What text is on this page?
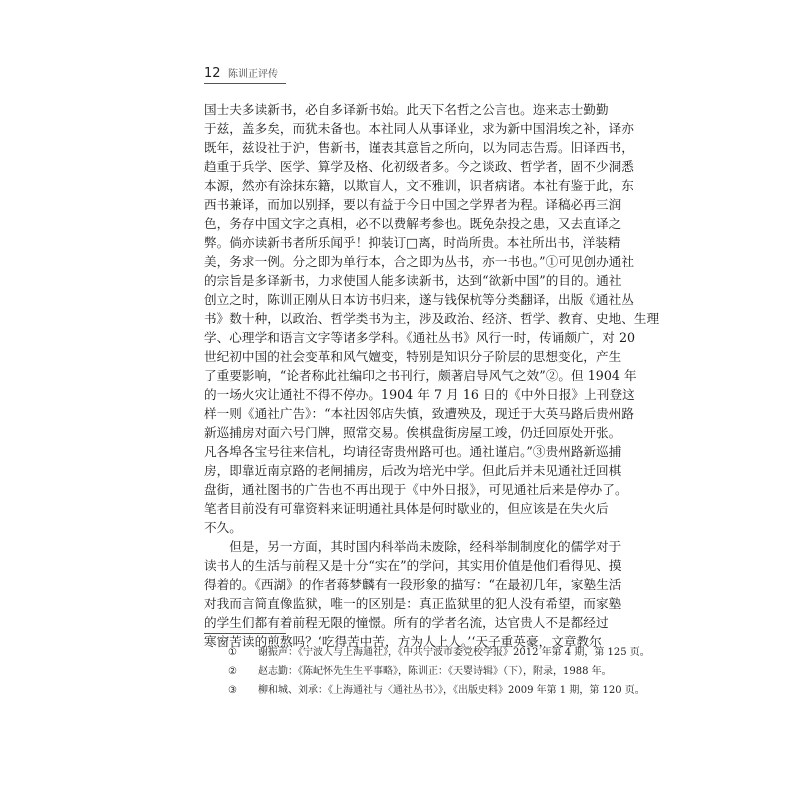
12 陈训正评传
国士夫多读新书，必自多译新书始。此天下名哲之公言也。迩来志士勤勤
于兹，盖多矣，而犹未备也。本社同人从事译业，求为新中国涓埃之补，译亦
既年，兹设社于沪，售新书，谨表其意旨之所向，以为同志告焉。旧译西书，
趋重于兵学、医学、算学及格、化初级者多。今之谈政、哲学者，固不少洞悉
本源，然亦有涂抹东籍，以欺盲人，文不雅训，识者病诸。本社有鉴于此，东
西书兼译，而加以别择，要以有益于今日中国之学界者为程。译稿必再三润
色，务存中国文字之真相，必不以费解考参也。既免杂投之患，又去直译之
弊。倘亦读新书者所乐闻乎！抑装订□离，时尚所贵。本社所出书，洋装精
美，务求一例。分之即为单行本，合之即为丛书，亦一书也。”①可见创办通社
的宗旨是多译新书，力求使国人能多读新书，达到“欲新中国”的目的。通社
创立之时，陈训正刚从日本访书归来，遂与钱保杭等分类翻译，出版《通社丛
书》数十种，以政治、哲学类书为主，涉及政治、经济、哲学、教育、史地、生理
学、心理学和语言文字等诸多学科。《通社丛书》风行一时，传诵颇广，对 20
世纪初中国的社会变革和风气嬗变，特别是知识分子阶层的思想变化，产生
了重要影响，“论者称此社编印之书刊行，颇著启导风气之效”②。但 1904 年
的一场火灾让通社不得不停办。1904 年 7 月 16 日的《中外日报》上刊登这
样一则《通社广告》：“本社因邻店失慎，致遭殃及，现迁于大英马路后贵州路
新巡捕房对面六号门牌，照常交易。俟棋盘街房屋工竣，仍迁回原处开张。
凡各埠各宝号往来信札，均请径寄贵州路可也。通社谨启。”③贵州路新巡捕
房，即靠近南京路的老闸捕房，后改为培光中学。但此后并未见通社迁回棋
盘街，通社图书的广告也不再出现于《中外日报》，可见通社后来是停办了。
笔者目前没有可靠资料来证明通社具体是何时歇业的，但应该是在失火后
不久。
　　但是，另一方面，其时国内科举尚未废除，经科举制制度化的儒学对于
读书人的生活与前程又是十分“实在”的学问，其实用价值是他们看得见、摸
得着的。《西湖》的作者蒋梦麟有一段形象的描写：“在最初几年，家塾生活
对我而言简直像监狱，唯一的区别是：真正监狱里的犯人没有希望，而家塾
的学生们都有着前程无限的憧憬。所有的学者名流，达官贵人不是都经过
寒窗苦读的煎熬吗？‘吃得苦中苦，方为人上人。’‘天子重英豪，文章教尔
①	谢振声：《宁波人与上海通社》，《中共宁波市委党校学报》2012 年第 4 期，第 125 页。
②	赵志勤：《陈屺怀先生生平事略》，陈训正：《天婴诗辑》（下），附录，1988 年。
③	柳和城、刘承：《上海通社与〈通社丛书〉》，《出版史料》2009 年第 1 期，第 120 页。
